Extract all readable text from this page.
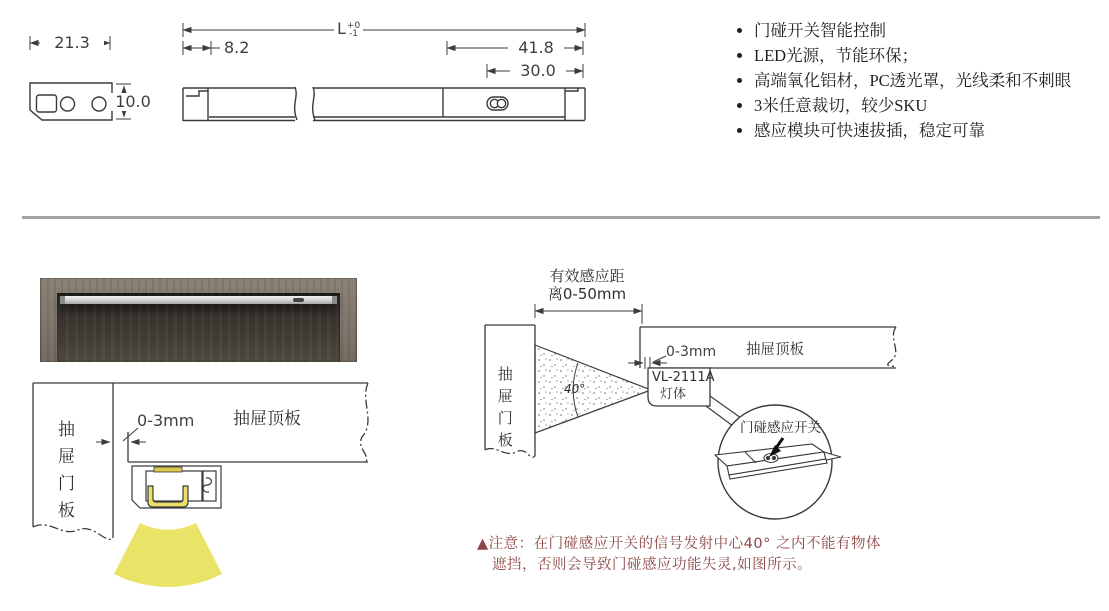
21.3
10.0
L +0
-1
8.2	41.8
30.0
• 门碰开关智能控制
• LED光源，节能环保；
• 高端氧化铝材，PC透光罩，光线柔和不刺眼
• 3米任意裁切，较少SKU
• 感应模块可快速拔插，稳定可靠
抽屉门板
抽屉顶板
0-3mm
有效感应距
离0-50mm
抽屉门板
抽屉顶板
0-3mm
40°
VL-2111A
灯体
门碰感应开关
▲注意：在门碰感应开关的信号发射中心40° 之内不能有物体
遮挡，否则会导致门碰感应功能失灵,如图所示。
